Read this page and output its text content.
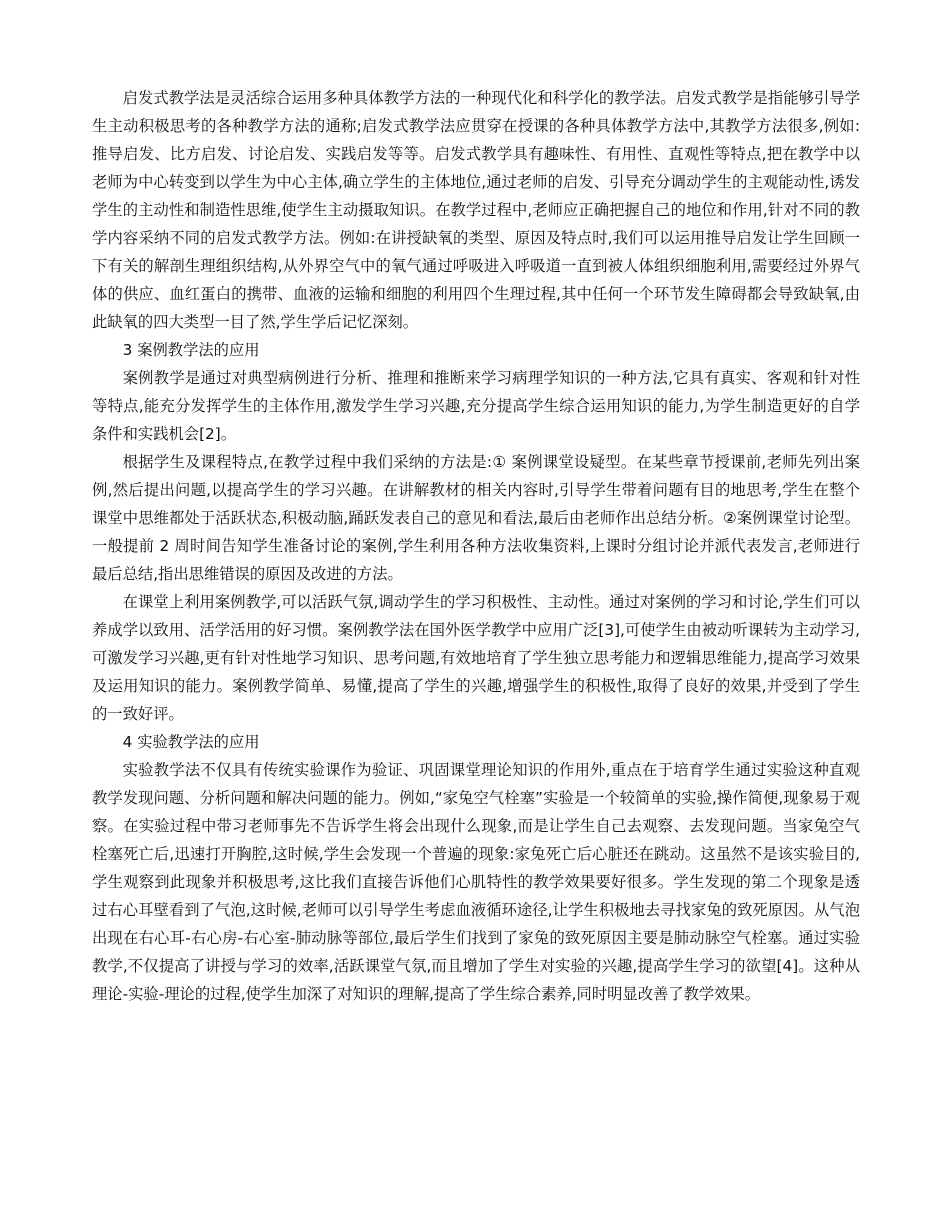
启发式教学法是灵活综合运用多种具体教学方法的一种现代化和科学化的教学法。启发式教学是指能够引导学生主动积极思考的各种教学方法的通称;启发式教学法应贯穿在授课的各种具体教学方法中,其教学方法很多,例如:推导启发、比方启发、讨论启发、实践启发等等。启发式教学具有趣味性、有用性、直观性等特点,把在教学中以老师为中心转变到以学生为中心主体,确立学生的主体地位,通过老师的启发、引导充分调动学生的主观能动性,诱发学生的主动性和制造性思维,使学生主动摄取知识。在教学过程中,老师应正确把握自己的地位和作用,针对不同的教学内容采纳不同的启发式教学方法。例如:在讲授缺氧的类型、原因及特点时,我们可以运用推导启发让学生回顾一下有关的解剖生理组织结构,从外界空气中的氧气通过呼吸进入呼吸道一直到被人体组织细胞利用,需要经过外界气体的供应、血红蛋白的携带、血液的运输和细胞的利用四个生理过程,其中任何一个环节发生障碍都会导致缺氧,由此缺氧的四大类型一目了然,学生学后记忆深刻。

3 案例教学法的应用

案例教学是通过对典型病例进行分析、推理和推断来学习病理学知识的一种方法,它具有真实、客观和针对性等特点,能充分发挥学生的主体作用,激发学生学习兴趣,充分提高学生综合运用知识的能力,为学生制造更好的自学条件和实践机会[2]。

根据学生及课程特点,在教学过程中我们采纳的方法是:① 案例课堂设疑型。在某些章节授课前,老师先列出案例,然后提出问题,以提高学生的学习兴趣。在讲解教材的相关内容时,引导学生带着问题有目的地思考,学生在整个课堂中思维都处于活跃状态,积极动脑,踊跃发表自己的意见和看法,最后由老师作出总结分析。②案例课堂讨论型。一般提前 2 周时间告知学生准备讨论的案例,学生利用各种方法收集资料,上课时分组讨论并派代表发言,老师进行最后总结,指出思维错误的原因及改进的方法。

在课堂上利用案例教学,可以活跃气氛,调动学生的学习积极性、主动性。通过对案例的学习和讨论,学生们可以养成学以致用、活学活用的好习惯。案例教学法在国外医学教学中应用广泛[3],可使学生由被动听课转为主动学习,可激发学习兴趣,更有针对性地学习知识、思考问题,有效地培育了学生独立思考能力和逻辑思维能力,提高学习效果及运用知识的能力。案例教学简单、易懂,提高了学生的兴趣,增强学生的积极性,取得了良好的效果,并受到了学生的一致好评。

4 实验教学法的应用

实验教学法不仅具有传统实验课作为验证、巩固课堂理论知识的作用外,重点在于培育学生通过实验这种直观教学发现问题、分析问题和解决问题的能力。例如,“家兔空气栓塞”实验是一个较简单的实验,操作简便,现象易于观察。在实验过程中带习老师事先不告诉学生将会出现什么现象,而是让学生自己去观察、去发现问题。当家兔空气栓塞死亡后,迅速打开胸腔,这时候,学生会发现一个普遍的现象:家兔死亡后心脏还在跳动。这虽然不是该实验目的,学生观察到此现象并积极思考,这比我们直接告诉他们心肌特性的教学效果要好很多。学生发现的第二个现象是透过右心耳壁看到了气泡,这时候,老师可以引导学生考虑血液循环途径,让学生积极地去寻找家兔的致死原因。从气泡出现在右心耳-右心房-右心室-肺动脉等部位,最后学生们找到了家兔的致死原因主要是肺动脉空气栓塞。通过实验教学,不仅提高了讲授与学习的效率,活跃课堂气氛,而且增加了学生对实验的兴趣,提高学生学习的欲望[4]。这种从理论-实验-理论的过程,使学生加深了对知识的理解,提高了学生综合素养,同时明显改善了教学效果。
